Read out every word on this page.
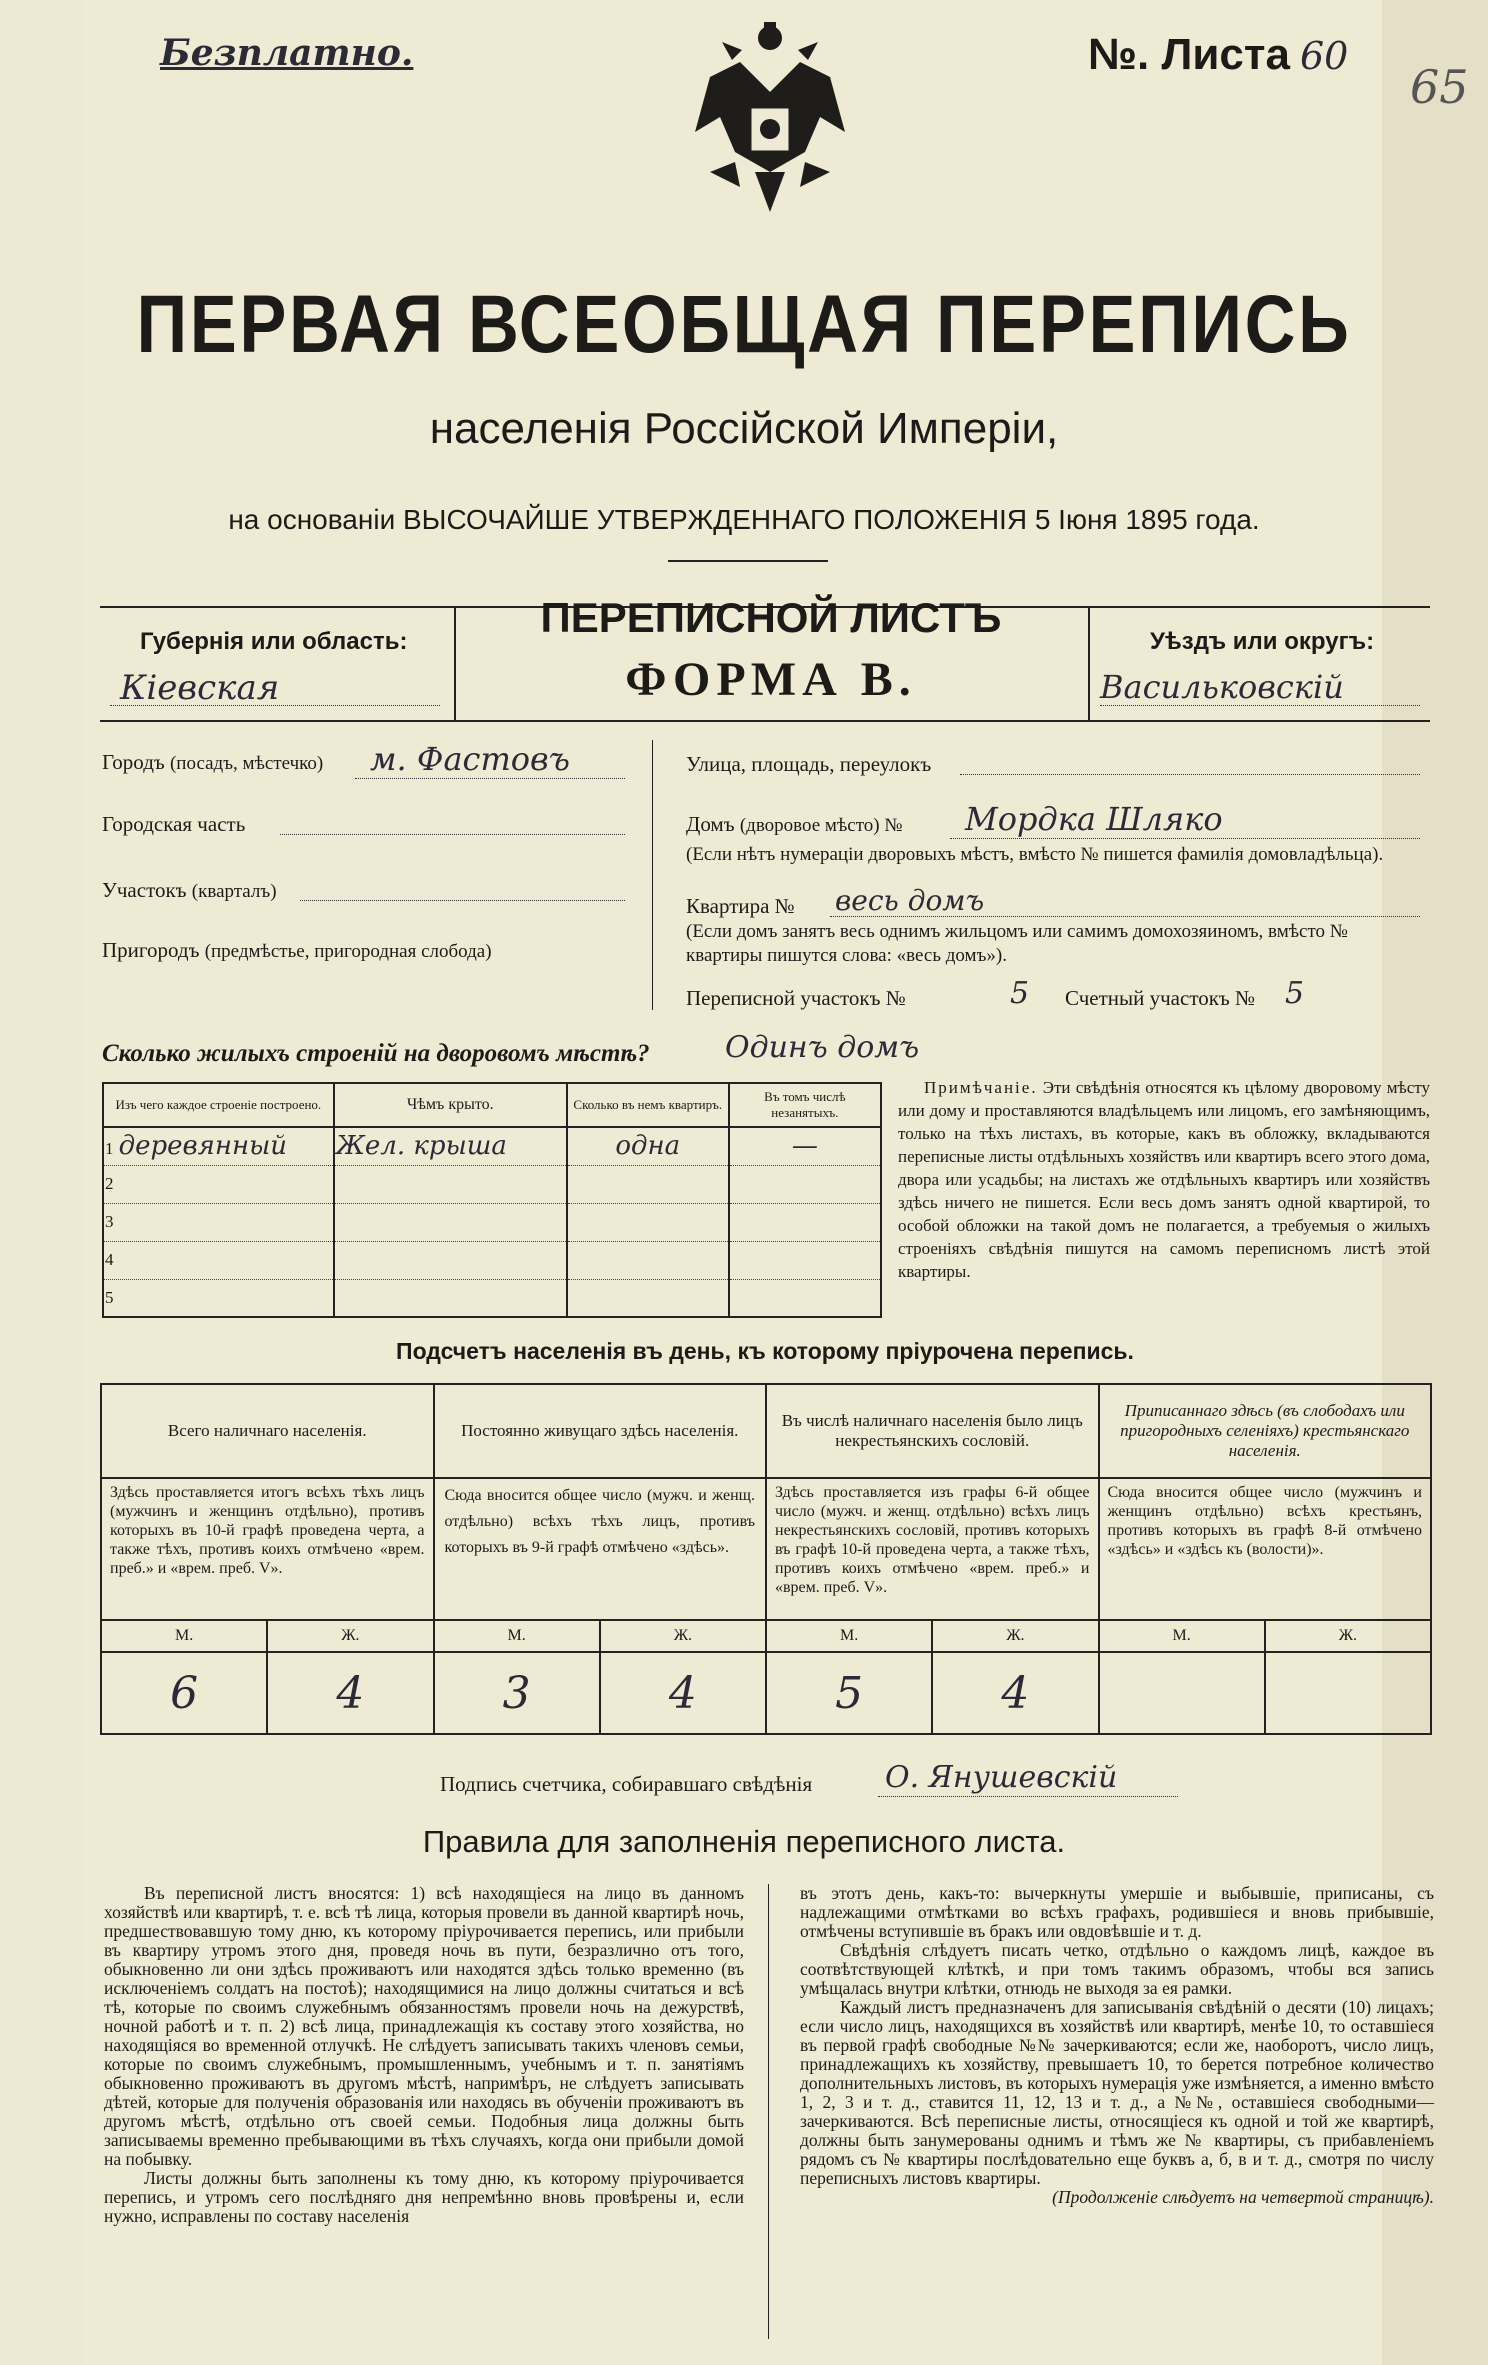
Безплатно.	№. Листа 60
65
ПЕРВАЯ ВСЕОБЩАЯ ПЕРЕПИСЬ
населенія Россійской Имперіи,
на основаніи ВЫСОЧАЙШЕ УТВЕРЖДЕННАГО ПОЛОЖЕНІЯ 5 Іюня 1895 года.
Губернія или область:
Кіевская
ПЕРЕПИСНОЙ ЛИСТЪ
ФОРМА В.
Уѣздъ или округъ:
Васильковскій
Городъ (посадъ, мѣстечко) м. Фастовъ
Городская часть
Участокъ (кварталъ)
Пригородъ (предмѣстье, пригородная слобода)
Улица, площадь, переулокъ
Домъ (дворовое мѣсто) № Мордка Шляко
(Если нѣтъ нумераціи дворовыхъ мѣстъ, вмѣсто № пишется фамилія домовладѣльца).
Квартира № весь домъ
(Если домъ занятъ весь однимъ жильцомъ или самимъ домохозяиномъ, вмѣсто № квартиры пишутся слова: «весь домъ»).
Переписной участокъ №	5 Счетный участокъ № 5
Сколько жилыхъ строеній на дворовомъ мѣстѣ?	Одинъ домъ
Изъ чего каждое строеніе построено.	Чѣмъ крыто.	Сколько въ немъ квартиръ.	Въ томъ числѣ незанятыхъ.
1 деревянный	Жел. крыша	одна	—
2			
3			
4			
5			
Примѣчаніе. Эти свѣдѣнія относятся къ цѣлому дворовому мѣсту или дому и проставляются владѣльцемъ или лицомъ, его замѣняющимъ, только на тѣхъ листахъ, въ которые, какъ въ обложку, вкладываются переписные листы отдѣльныхъ хозяйствъ или квартиръ всего этого дома, двора или усадьбы; на листахъ же отдѣльныхъ квартиръ или хозяйствъ здѣсь ничего не пишется. Если весь домъ занятъ одной квартирой, то особой обложки на такой домъ не полагается, а требуемыя о жилыхъ строеніяхъ свѣдѣнія пишутся на самомъ переписномъ листѣ этой квартиры.
Подсчетъ населенія въ день, къ которому пріурочена перепись.
Всего наличнаго населенія.		Постоянно живущаго здѣсь населенія.		Въ числѣ наличнаго населенія было лицъ некрестьянскихъ сословій.		Приписаннаго здѣсь (въ слободахъ или пригородныхъ селеніяхъ) крестьянскаго населенія.	
Здѣсь проставляется итогъ всѣхъ тѣхъ лицъ (мужчинъ и женщинъ отдѣльно), противъ которыхъ въ 10-й графѣ проведена черта, а также тѣхъ, противъ коихъ отмѣчено «врем. преб.» и «врем. преб. V».		Сюда вносится общее число (мужч. и женщ. отдѣльно) всѣхъ тѣхъ лицъ, противъ которыхъ въ 9-й графѣ отмѣчено «здѣсь».		Здѣсь проставляется изъ графы 6-й общее число (мужч. и женщ. отдѣльно) всѣхъ лицъ некрестьянскихъ сословій, противъ которыхъ въ графѣ 10-й проведена черта, а также тѣхъ, противъ коихъ отмѣчено «врем. преб.» и «врем. преб. V».		Сюда вносится общее число (мужчинъ и женщинъ отдѣльно) всѣхъ крестьянъ, противъ которыхъ въ графѣ 8-й отмѣчено «здѣсь» и «здѣсь къ (волости)».	
М.	Ж.	М.	Ж.	М.	Ж.	М.	Ж.
6	4	3	4	5	4		
Подпись счетчика, собиравшаго свѣдѣнія О. Янушевскій
Правила для заполненія переписного листа.

Въ переписной листъ вносятся: 1) всѣ находящіеся на лицо въ данномъ хозяйствѣ или квартирѣ, т. е. всѣ тѣ лица, которыя провели въ данной квартирѣ ночь, предшествовавшую тому дню, къ которому пріурочивается перепись, или прибыли въ квартиру утромъ этого дня, проведя ночь въ пути, безразлично отъ того, обыкновенно ли они здѣсь проживаютъ или находятся здѣсь только временно (въ исключеніемъ солдатъ на постоѣ); находящимися на лицо должны считаться и всѣ тѣ, которые по своимъ служебнымъ обязанностямъ провели ночь на дежурствѣ, ночной работѣ и т. п. 2) всѣ лица, принадлежащія къ составу этого хозяйства, но находящіяся во временной отлучкѣ. Не слѣдуетъ записывать такихъ членовъ семьи, которые по своимъ служебнымъ, промышленнымъ, учебнымъ и т. п. занятіямъ обыкновенно проживаютъ въ другомъ мѣстѣ, напримѣръ, не слѣдуетъ записывать дѣтей, которые для полученія образованія или находясь въ обученіи проживаютъ въ другомъ мѣстѣ, отдѣльно отъ своей семьи. Подобныя лица должны быть записываемы временно пребывающими въ тѣхъ случаяхъ, когда они прибыли домой на побывку.

Листы должны быть заполнены къ тому дню, къ которому пріурочивается перепись, и утромъ сего послѣдняго дня непремѣнно вновь провѣрены и, если нужно, исправлены по составу населенія

въ этотъ день, какъ-то: вычеркнуты умершіе и выбывшіе, приписаны, съ надлежащими отмѣтками во всѣхъ графахъ, родившіеся и вновь прибывшіе, отмѣчены вступившіе въ бракъ или овдовѣвшіе и т. д.

Свѣдѣнія слѣдуетъ писать четко, отдѣльно о каждомъ лицѣ, каждое въ соотвѣтствующей клѣткѣ, и при томъ такимъ образомъ, чтобы вся запись умѣщалась внутри клѣтки, отнюдь не выходя за ея рамки.

Каждый листъ предназначенъ для записыванія свѣдѣній о десяти (10) лицахъ; если число лицъ, находящихся въ хозяйствѣ или квартирѣ, менѣе 10, то оставшіеся въ первой графѣ свободные №№ зачеркиваются; если же, наоборотъ, число лицъ, принадлежащихъ къ хозяйству, превышаетъ 10, то берется потребное количество дополнительныхъ листовъ, въ которыхъ нумерація уже измѣняется, а именно вмѣсто 1, 2, 3 и т. д., ставится 11, 12, 13 и т. д., а №№, оставшіеся свободными—зачеркиваются. Всѣ переписные листы, относящіеся къ одной и той же квартирѣ, должны быть занумерованы однимъ и тѣмъ же № квартиры, съ прибавленіемъ рядомъ съ № квартиры послѣдовательно еще буквъ а, б, в и т. д., смотря по числу переписныхъ листовъ квартиры.

(Продолженіе слѣдуетъ на четвертой страницѣ).
